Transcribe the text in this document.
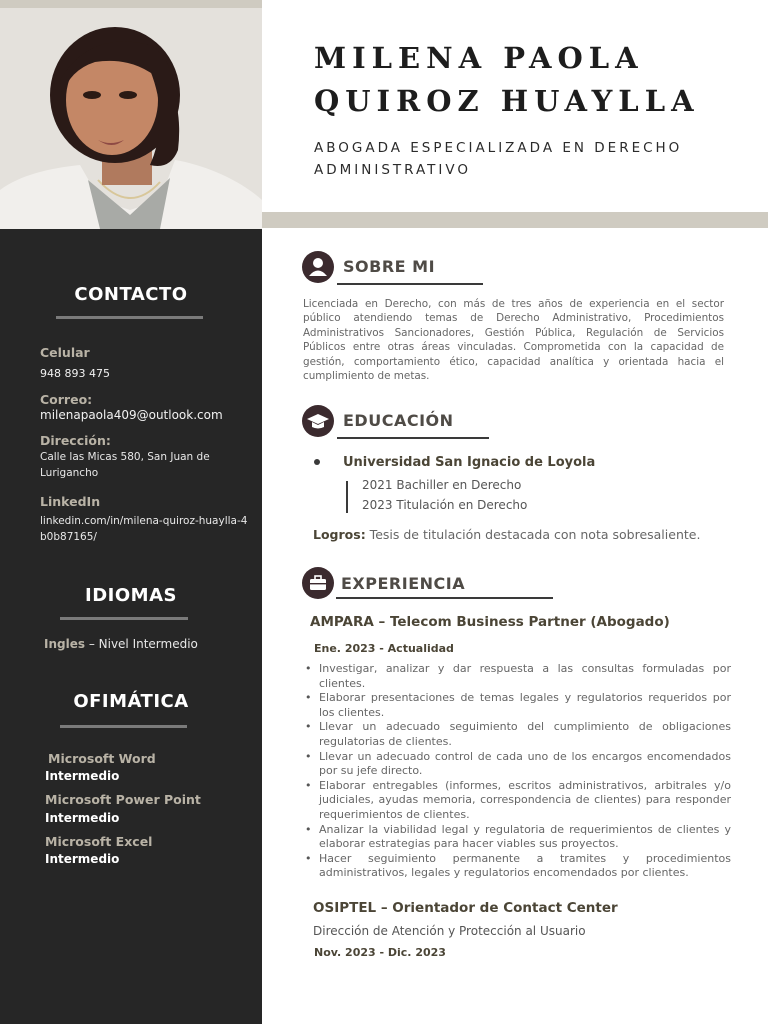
CONTACTO
Celular
948 893 475
Correo:
milenapaola409@outlook.com
Dirección:
Calle las Micas 580, San Juan de Lurigancho
LinkedIn
linkedin.com/in/milena-quiroz-huaylla-4b0b87165/
IDIOMAS
Ingles – Nivel Intermedio
OFIMÁTICA
Microsoft Word
Intermedio
Microsoft Power Point
Intermedio
Microsoft Excel
Intermedio
MILENA PAOLA
QUIROZ HUAYLLA
ABOGADA ESPECIALIZADA EN DERECHO
ADMINISTRATIVO
SOBRE MI
Licenciada en Derecho, con más de tres años de experiencia en el sector público atendiendo temas de Derecho Administrativo, Procedimientos Administrativos Sancionadores, Gestión Pública, Regulación de Servicios Públicos entre otras áreas vinculadas. Comprometida con la capacidad de gestión, comportamiento ético, capacidad analítica y orientada hacia el cumplimiento de metas.
EDUCACIÓN
Universidad San Ignacio de Loyola
2021 Bachiller en Derecho
2023 Titulación en Derecho
Logros: Tesis de titulación destacada con nota sobresaliente.
EXPERIENCIA
AMPARA – Telecom Business Partner (Abogado)
Ene. 2023 - Actualidad
• Investigar, analizar y dar respuesta a las consultas formuladas por clientes.
• Elaborar presentaciones de temas legales y regulatorios requeridos por los clientes.
• Llevar un adecuado seguimiento del cumplimiento de obligaciones regulatorias de clientes.
• Llevar un adecuado control de cada uno de los encargos encomendados por su jefe directo.
• Elaborar entregables (informes, escritos administrativos, arbitrales y/o judiciales, ayudas memoria, correspondencia de clientes) para responder requerimientos de clientes.
• Analizar la viabilidad legal y regulatoria de requerimientos de clientes y elaborar estrategias para hacer viables sus proyectos.
• Hacer seguimiento permanente a tramites y procedimientos administrativos, legales y regulatorios encomendados por clientes.
OSIPTEL – Orientador de Contact Center
Dirección de Atención y Protección al Usuario
Nov. 2023 - Dic. 2023
